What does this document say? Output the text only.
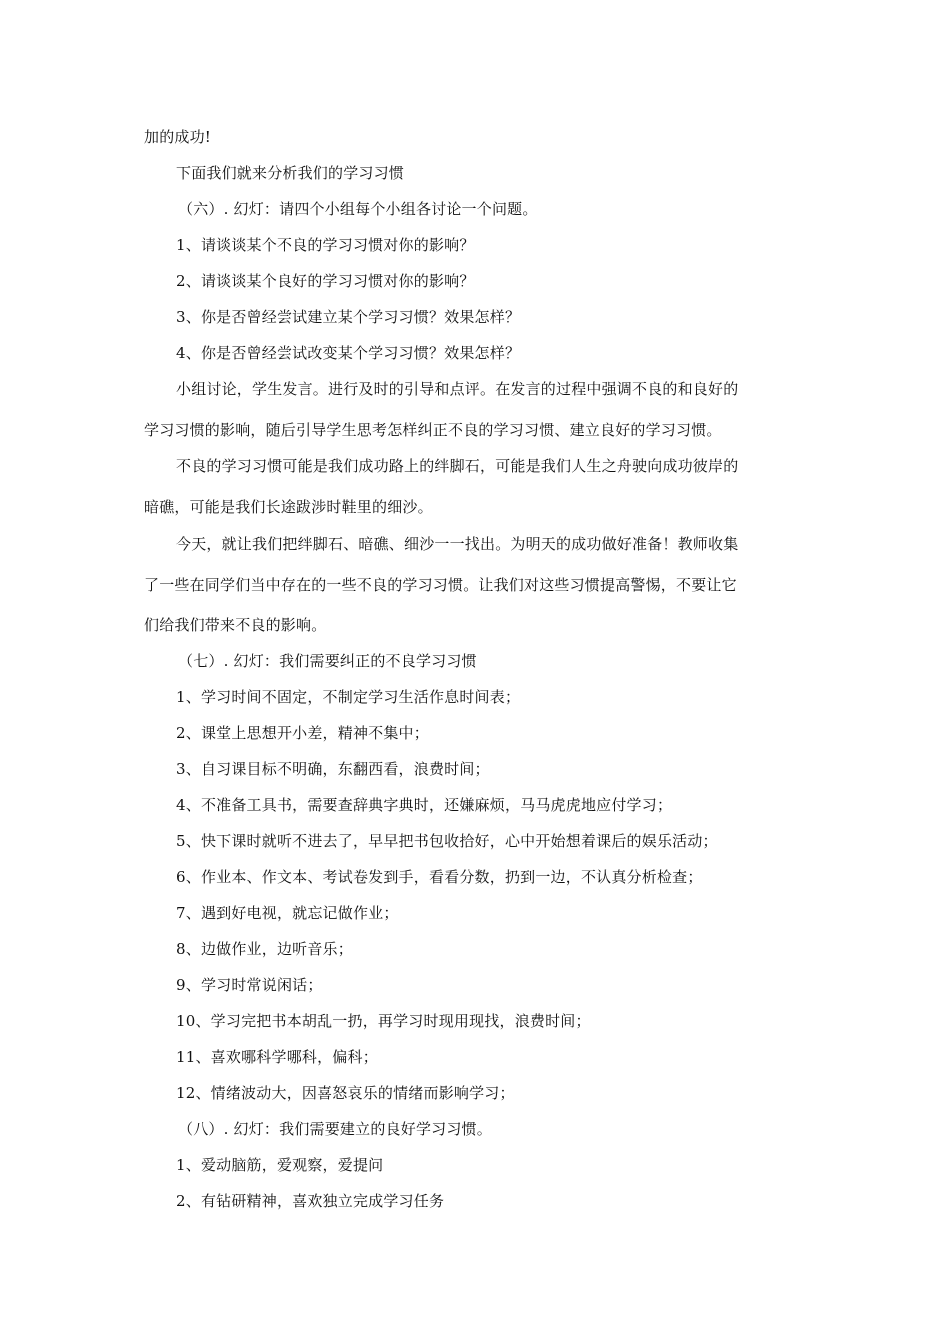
加的成功!
下面我们就来分析我们的学习习惯
（六）. 幻灯：请四个小组每个小组各讨论一个问题。
1、请谈谈某个不良的学习习惯对你的影响？
2、请谈谈某个良好的学习习惯对你的影响？
3、你是否曾经尝试建立某个学习习惯？效果怎样？
4、你是否曾经尝试改变某个学习习惯？效果怎样？
小组讨论，学生发言。进行及时的引导和点评。在发言的过程中强调不良的和良好的
学习习惯的影响，随后引导学生思考怎样纠正不良的学习习惯、建立良好的学习习惯。
不良的学习习惯可能是我们成功路上的绊脚石，可能是我们人生之舟驶向成功彼岸的
暗礁，可能是我们长途跋涉时鞋里的细沙。
今天，就让我们把绊脚石、暗礁、细沙一一找出。为明天的成功做好准备！教师收集
了一些在同学们当中存在的一些不良的学习习惯。让我们对这些习惯提高警惕，不要让它
们给我们带来不良的影响。
（七）. 幻灯：我们需要纠正的不良学习习惯
1、学习时间不固定，不制定学习生活作息时间表；
2、课堂上思想开小差，精神不集中；
3、自习课目标不明确，东翻西看，浪费时间；
4、不准备工具书，需要查辞典字典时，还嫌麻烦，马马虎虎地应付学习；
5、快下课时就听不进去了，早早把书包收拾好，心中开始想着课后的娱乐活动；
6、作业本、作文本、考试卷发到手，看看分数，扔到一边，不认真分析检查；
7、遇到好电视，就忘记做作业；
8、边做作业，边听音乐；
9、学习时常说闲话；
10、学习完把书本胡乱一扔，再学习时现用现找，浪费时间；
11、喜欢哪科学哪科，偏科；
12、情绪波动大，因喜怒哀乐的情绪而影响学习；
（八）. 幻灯：我们需要建立的良好学习习惯。
1、爱动脑筋，爱观察，爱提问
2、有钻研精神，喜欢独立完成学习任务
